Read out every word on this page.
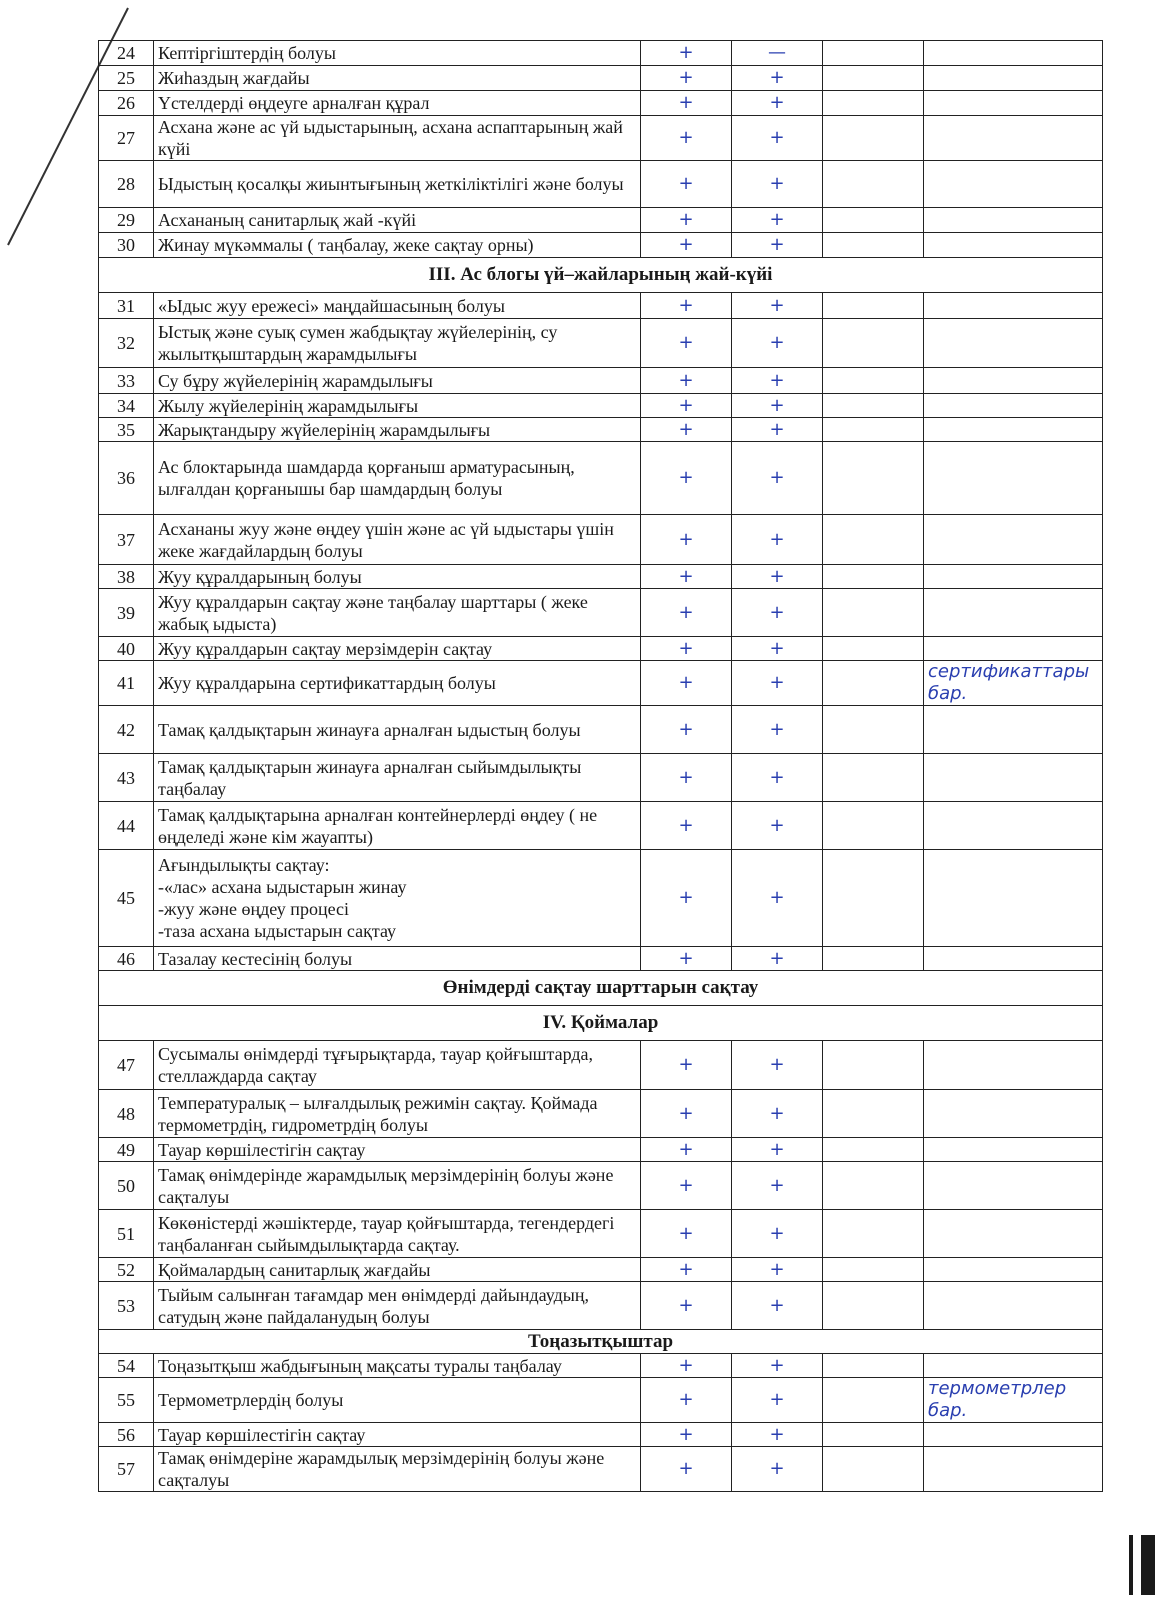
24	Кептіргіштердің болуы	+	—		
25	Жиһаздың жағдайы	+	+		
26	Үстелдерді өңдеуге арналған құрал	+	+		
27	Асхана және ас үй ыдыстарының, асхана аспаптарының жай күйі	+	+		
28	Ыдыстың қосалқы жиынтығының жеткіліктілігі және болуы	+	+		
29	Асхананың санитарлық жай -күйі	+	+		
30	Жинау мүкәммалы ( таңбалау, жеке сақтау орны)	+	+		
III. Ас блогы үй–жайларының жай-күйі					
31	«Ыдыс жуу ережесі» маңдайшасының болуы	+	+		
32	Ыстық және суық сумен жабдықтау жүйелерінің, су жылытқыштардың жарамдылығы	+	+		
33	Су бұру жүйелерінің жарамдылығы	+	+		
34	Жылу жүйелерінің жарамдылығы	+	+		
35	Жарықтандыру жүйелерінің жарамдылығы	+	+		
36	Ас блоктарында шамдарда қорғаныш арматурасының, ылғалдан қорғанышы бар шамдардың болуы	+	+		
37	Асхананы жуу және өңдеу үшін және ас үй ыдыстары үшін жеке жағдайлардың болуы	+	+		
38	Жуу құралдарының болуы	+	+		
39	Жуу құралдарын сақтау және таңбалау шарттары ( жеке жабық ыдыста)	+	+		
40	Жуу құралдарын сақтау мерзімдерін сақтау	+	+		
41	Жуу құралдарына сертификаттардың болуы	+	+		сертификаттары бар.
42	Тамақ қалдықтарын жинауға арналған ыдыстың болуы	+	+		
43	Тамақ қалдықтарын жинауға арналған сыйымдылықты таңбалау	+	+		
44	Тамақ қалдықтарына арналған контейнерлерді өңдеу ( не өңделеді және кім жауапты)	+	+		
45	Ағындылықты сақтау:
-«лас» асхана ыдыстарын жинау
-жуу және өңдеу процесі
-таза асхана ыдыстарын сақтау	+	+		
46	Тазалау кестесінің болуы	+	+		
Өнімдерді сақтау шарттарын сақтау					
IV. Қоймалар					
47	Сусымалы өнімдерді тұғырықтарда, тауар қойғыштарда, стеллаждарда сақтау	+	+		
48	Температуралық – ылғалдылық режимін сақтау. Қоймада термометрдің, гидрометрдің болуы	+	+		
49	Тауар көршілестігін сақтау	+	+		
50	Тамақ өнімдерінде жарамдылық мерзімдерінің болуы және сақталуы	+	+		
51	Көкөністерді жәшіктерде, тауар қойғыштарда, тегендердегі таңбаланған сыйымдылықтарда сақтау.	+	+		
52	Қоймалардың санитарлық жағдайы	+	+		
53	Тыйым салынған тағамдар мен өнімдерді дайындаудың, сатудың және пайдаланудың болуы	+	+		
Тоңазытқыштар					
54	Тоңазытқыш жабдығының мақсаты туралы таңбалау	+	+		
55	Термометрлердің болуы	+	+		термометрлер бар.
56	Тауар көршілестігін сақтау	+	+		
57	Тамақ өнімдеріне жарамдылық мерзімдерінің болуы және сақталуы	+	+		
